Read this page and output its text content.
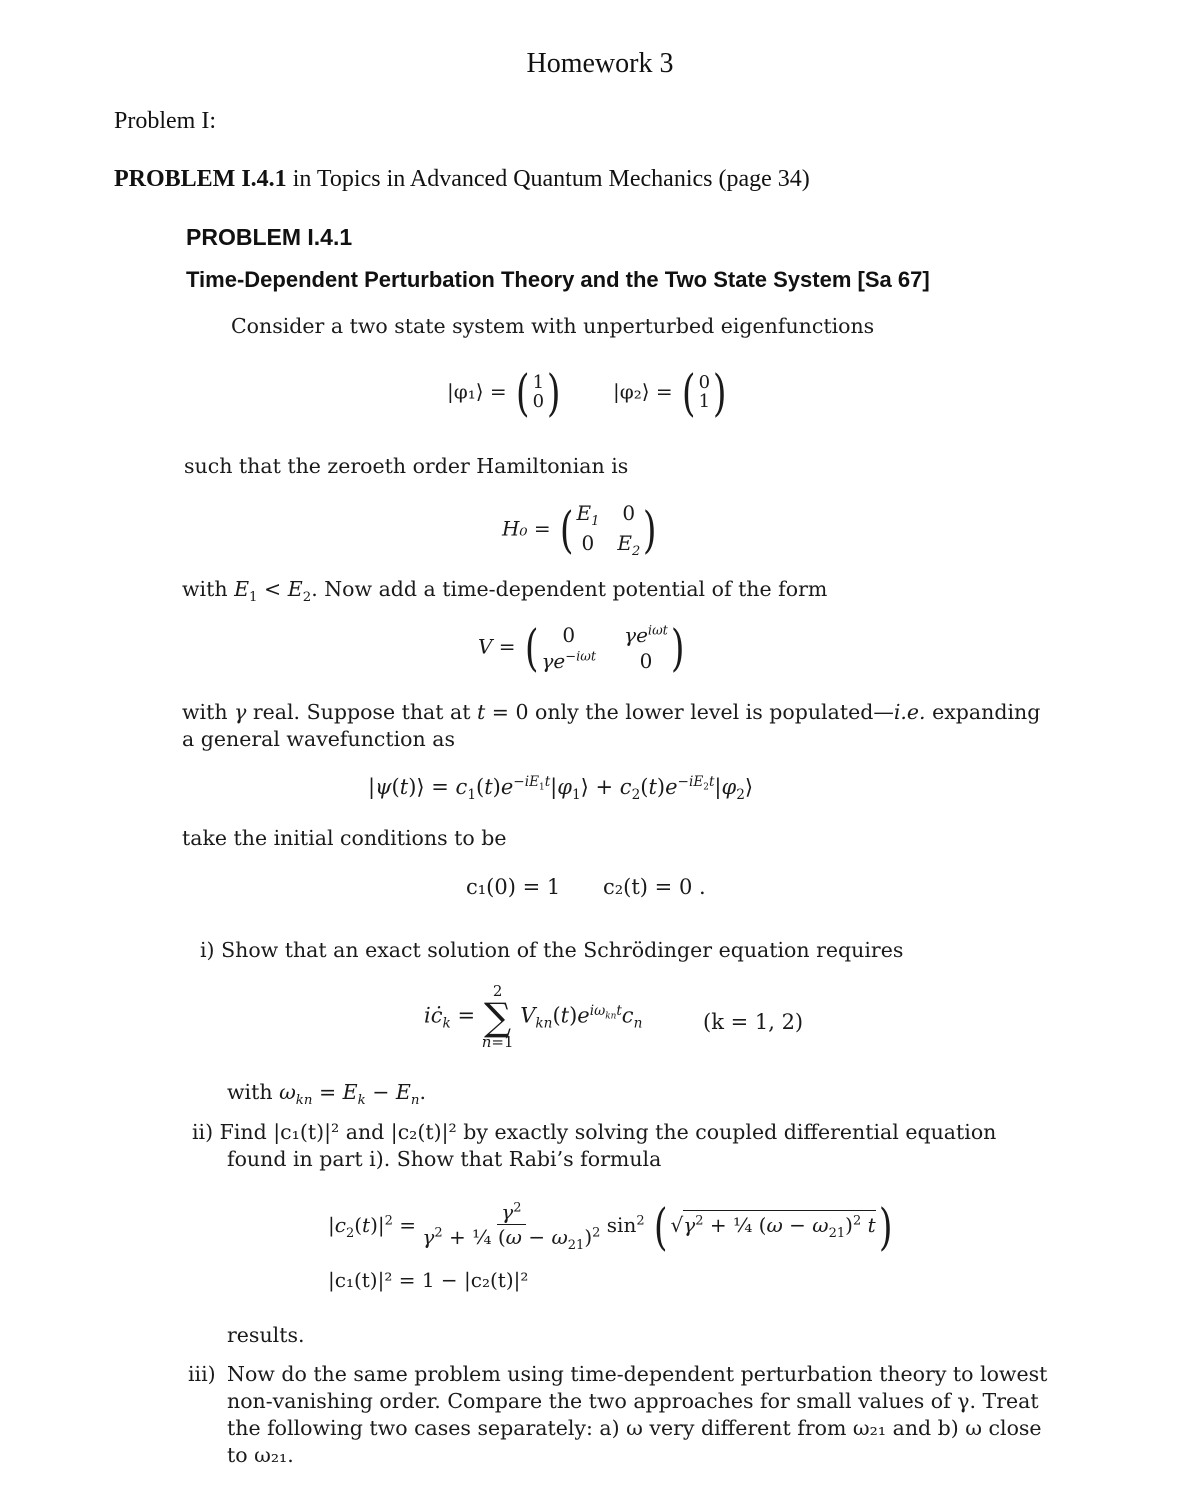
Homework 3
Problem I:
PROBLEM I.4.1 in Topics in Advanced Quantum Mechanics (page 34)
PROBLEM I.4.1
Time-Dependent Perturbation Theory and the Two State System [Sa 67]
Consider a two state system with unperturbed eigenfunctions
|φ₁⟩ = ( 1
0)	|φ₂⟩ = ( 0
1)
such that the zeroeth order Hamiltonian is
H₀ = ( $E_1$ 0
0 $E_2$ )
with $E_1 < E_2$. Now add a time-dependent potential of the form
V = (	0	$\gamma e^{i\omega t}$
$\gamma e^{-i\omega t}$	0 )
with γ real. Suppose that at t = 0 only the lower level is populated—i.e. expanding
a general wavefunction as
|ψ(t)⟩ = $c_1(t)e^{-iE_1t}|\varphi_1⟩$ + $c_2(t)e^{-iE_2t}|\varphi_2⟩$
take the initial conditions to be
c₁(0) = 1 c₂(t) = 0 .
i) Show that an exact solution of the Schrödinger equation requires
$iċ_k$ =
2
∑
n=1
$V_{kn}(t)e^{i\omega_{kn}t}c_n$	(k = 1, 2)
with $\omega_{kn} = E_k - E_n$.
ii) Find |c₁(t)|² and |c₂(t)|² by exactly solving the coupled differential equation
found in part i). Show that Rabi’s formula
$|c_2(t)|^2 = \frac{\gamma^2}{\gamma^2 + \frac{1}{4} (\omega - \omega_{21})^2} \sin^2$ ( $√\gamma^2$ + ¼ $(\omega - \omega_{21})^2$ t)
|c₁(t)|² = 1 − |c₂(t)|²
results.
iii) Now do the same problem using time-dependent perturbation theory to lowest
non-vanishing order. Compare the two approaches for small values of γ. Treat
the following two cases separately: a) ω very different from ω₂₁ and b) ω close
to ω₂₁.
